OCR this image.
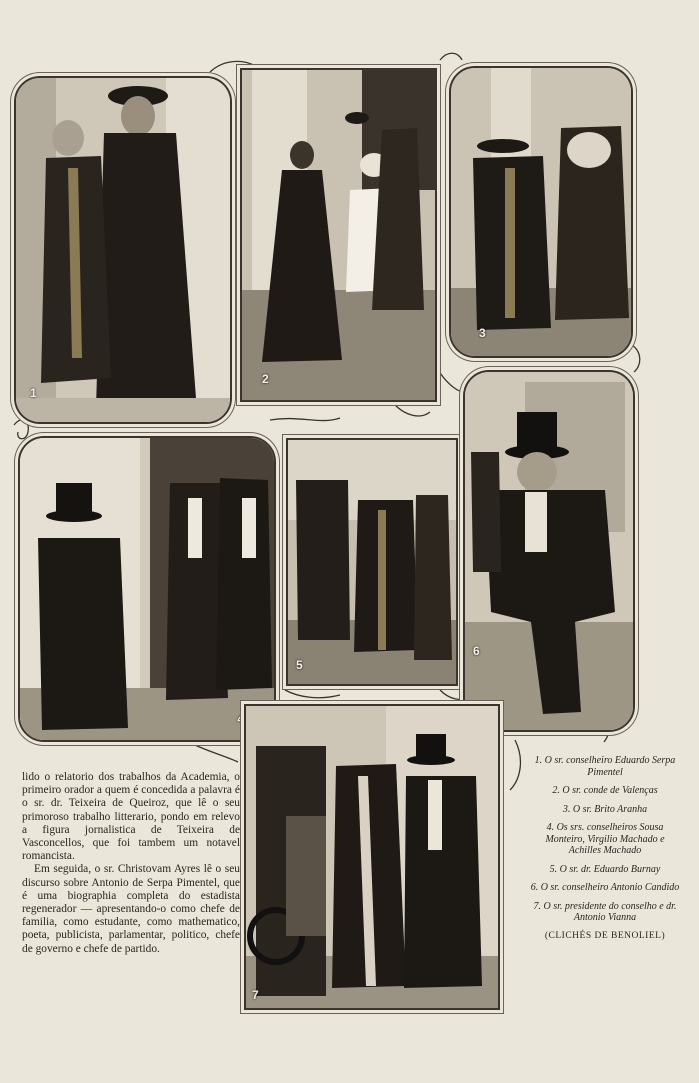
1
2
3
4
5
6
7

lido o relatorio dos trabalhos da Academia, o primeiro orador a quem é concedida a palavra é o sr. dr. Teixeira de Queiroz, que lê o seu primoroso trabalho litterario, pondo em relevo a figura jornalistica de Teixeira de Vasconcellos, que foi tambem um notavel romancista.

Em seguida, o sr. Christovam Ayres lê o seu discurso sobre Antonio de Serpa Pimentel, que é uma biographia completa do estadista regenerador — apresentando-o como chefe de familia, como estudante, como mathematico, poeta, publicista, parlamentar, politico, chefe de governo e chefe de partido.

1. O sr. conselheiro Eduardo Serpa Pimentel

2. O sr. conde de Valenças

3. O sr. Brito Aranha

4. Os srs. conselheiros Sousa Monteiro, Virgilio Machado e Achilles Machado

5. O sr. dr. Eduardo Burnay

6. O sr. conselheiro Antonio Candido

7. O sr. presidente do conselho e dr. Antonio Vianna

(CLICHÉS DE BENOLIEL)
